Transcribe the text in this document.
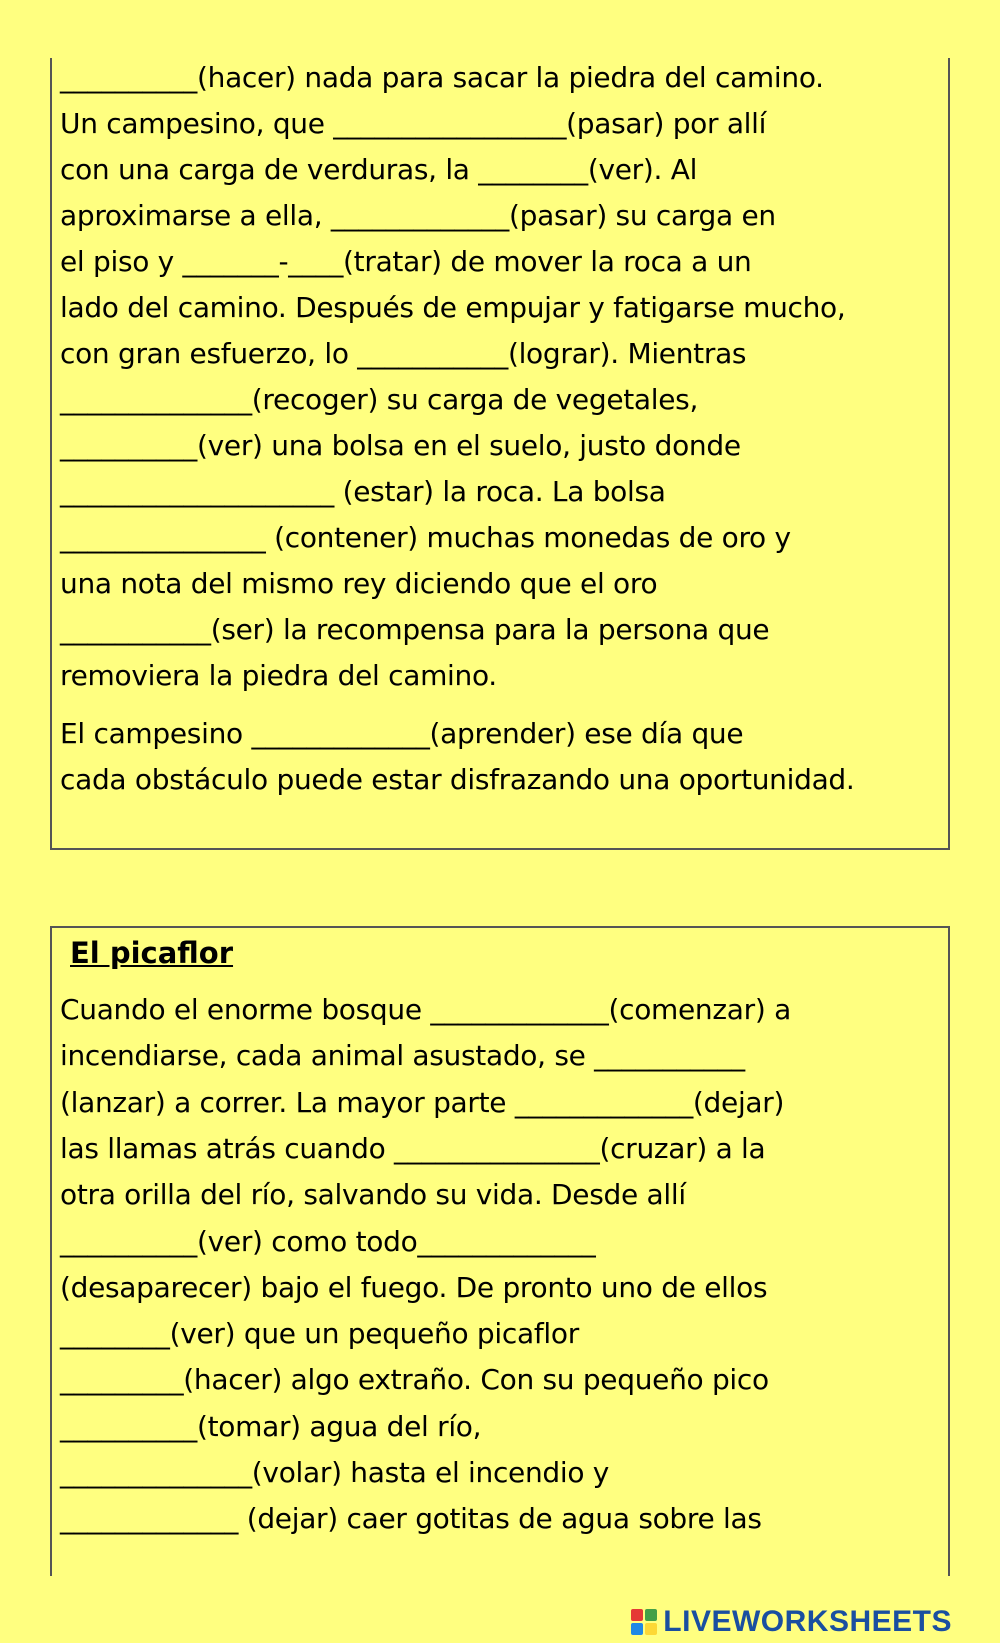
__________(hacer) nada para sacar la piedra del camino.
Un campesino, que _________________(pasar) por allí
con una carga de verduras, la ________(ver). Al
aproximarse a ella, _____________(pasar) su carga en
el piso y _______-____(tratar) de mover la roca a un
lado del camino. Después de empujar y fatigarse mucho,
con gran esfuerzo, lo ___________(lograr). Mientras
______________(recoger) su carga de vegetales,
__________(ver) una bolsa en el suelo, justo donde
____________________ (estar) la roca. La bolsa
_______________ (contener) muchas monedas de oro y
una nota del mismo rey diciendo que el oro
___________(ser) la recompensa para la persona que
removiera la piedra del camino.
El campesino _____________(aprender) ese día que
cada obstáculo puede estar disfrazando una oportunidad.
El picaflor
Cuando el enorme bosque _____________(comenzar) a
incendiarse, cada animal asustado, se ___________
(lanzar) a correr. La mayor parte _____________(dejar)
las llamas atrás cuando _______________(cruzar) a la
otra orilla del río, salvando su vida. Desde allí
__________(ver) como todo_____________
(desaparecer) bajo el fuego. De pronto uno de ellos
________(ver) que un pequeño picaflor
_________(hacer) algo extraño. Con su pequeño pico
__________(tomar) agua del río,
______________(volar) hasta el incendio y
_____________ (dejar) caer gotitas de agua sobre las
LIVEWORKSHEETS
